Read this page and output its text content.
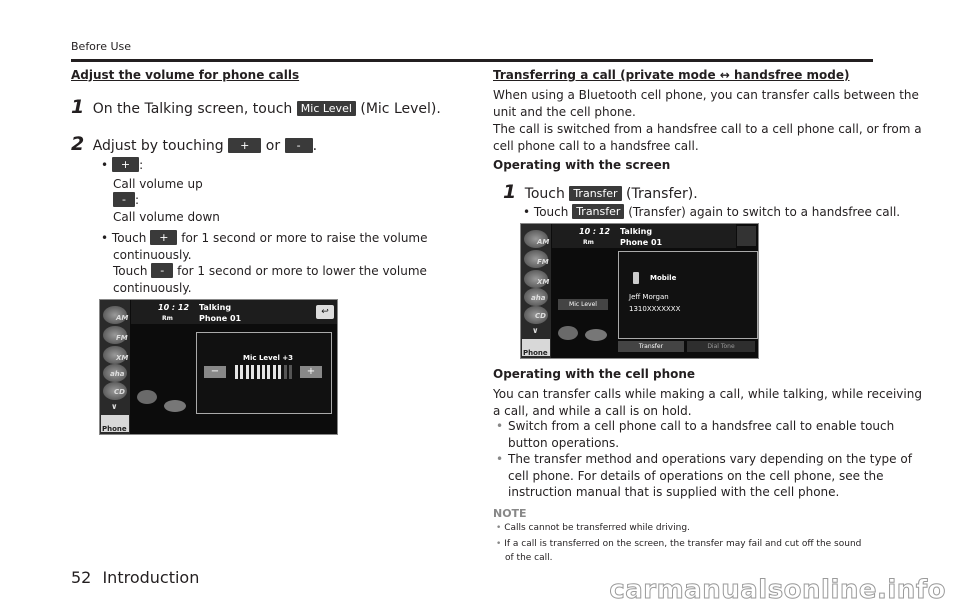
Before Use
Adjust the volume for phone calls
1 On the Talking screen, touch Mic Level (Mic Level).
2 Adjust by touching + or - .
• + :
Call volume up
- :
Call volume down
• Touch + for 1 second or more to raise the volume
continuously.
Touch - for 1 second or more to lower the volume
continuously.
AM
FM
XM
aha
CD
∨
Phone
10 : 12 Talking
Phone 01
Rm
↩
Mic Level +3
−	+
Transferring a call (private mode ↔ handsfree mode)
When using a Bluetooth cell phone, you can transfer calls between the
unit and the cell phone.
The call is switched from a handsfree call to a cell phone call, or from a
cell phone call to a handsfree call.
Operating with the screen
1 Touch Transfer (Transfer).
• Touch Transfer (Transfer) again to switch to a handsfree call.
AM
FM
XM
aha
CD
∨
Phone
10 : 12 Talking
Phone 01
Rm
Mobile
Jeff Morgan
1310XXXXXXX
Mic Level
Transfer	Dial Tone
Operating with the cell phone
You can transfer calls while making a call, while talking, while receiving
a call, and while a call is on hold.
• Switch from a cell phone call to a handsfree call to enable touch
button operations.
• The transfer method and operations vary depending on the type of
cell phone. For details of operations on the cell phone, see the
instruction manual that is supplied with the cell phone.
NOTE
• Calls cannot be transferred while driving.
• If a call is transferred on the screen, the transfer may fail and cut off the sound
of the call.
52 Introduction	carmanualsonline.info
